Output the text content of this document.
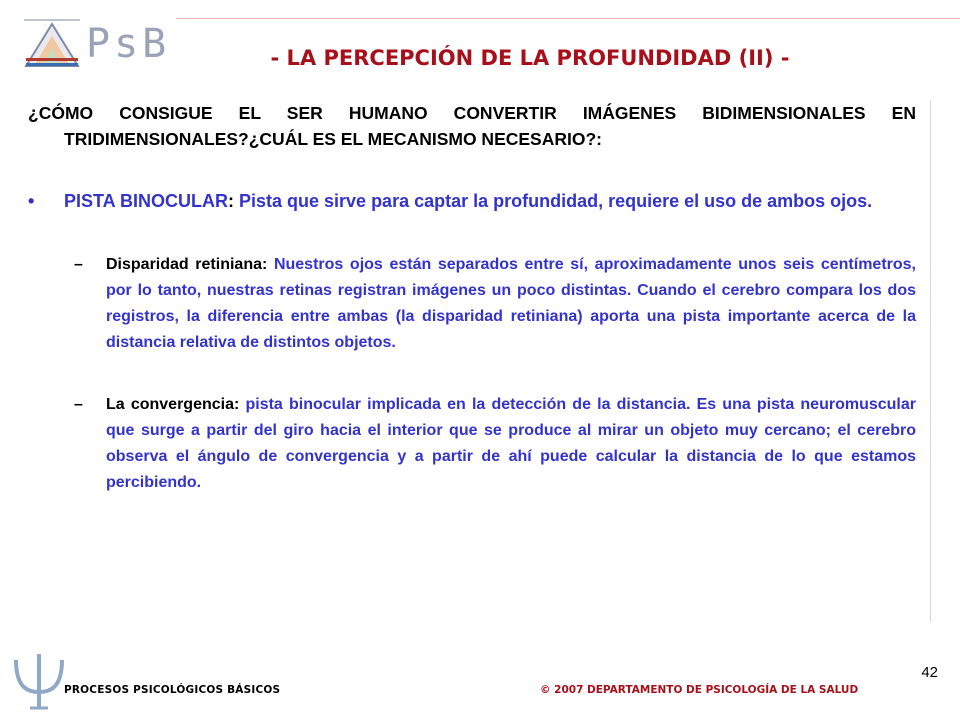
PsB	- LA PERCEPCIÓN DE LA PROFUNDIDAD (II) -
¿CÓMO CONSIGUE EL SER HUMANO CONVERTIR IMÁGENES BIDIMENSIONALES EN TRIDIMENSIONALES?¿CUÁL ES EL MECANISMO NECESARIO?:
•	PISTA BINOCULAR: Pista que sirve para captar la profundidad, requiere el uso de ambos ojos.
–	Disparidad retiniana: Nuestros ojos están separados entre sí, aproximadamente unos seis centímetros, por lo tanto, nuestras retinas registran imágenes un poco distintas. Cuando el cerebro compara los dos registros, la diferencia entre ambas (la disparidad retiniana) aporta una pista importante acerca de la distancia relativa de distintos objetos.
–	La convergencia: pista binocular implicada en la detección de la distancia. Es una pista neuromuscular que surge a partir del giro hacia el interior que se produce al mirar un objeto muy cercano; el cerebro observa el ángulo de convergencia y a partir de ahí puede calcular la distancia de lo que estamos percibiendo.
PROCESOS PSICOLÓGICOS BÁSICOS	© 2007 DEPARTAMENTO DE PSICOLOGÍA DE LA SALUD
42
